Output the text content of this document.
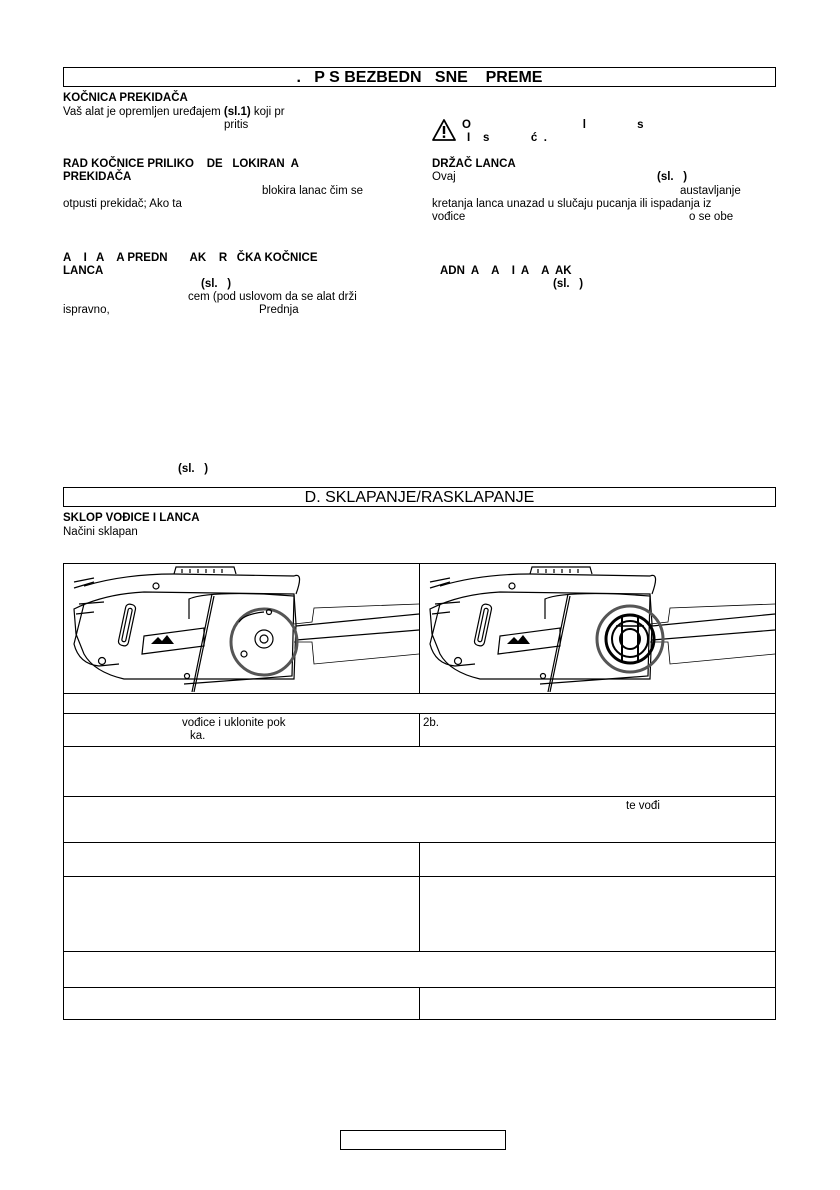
.   P S BEZBEDN   SNE    PREME
KOČNICA PREKIDAČA
Vaš alat je opremljen uređajem (sl.1) koji pr
pritis
RAD KOČNICE PRILIKO    DE   LOKIRAN  A
PREKIDAČA
blokira lanac čim se
otpusti prekidač; Ako ta
A    I   A    A PREDN       AK    R   ČKA KOČNICE
LANCA
(sl.   )
cem (pod uslovom da se alat drži
ispravno,	Prednja
(sl.   )
O                                   l                s
I    s             ć  .
DRŽAČ LANCA
Ovaj	(sl.   )
austavljanje
kretanja lanca unazad u slučaju pucanja ili ispadanja iz
vođice	o se obe
ADN  A    A    I  A    A  AK
(sl.   )
D. SKLAPANJE/RASKLAPANJE
SKLOP VOĐICE I LANCA
Načini sklapan
vođice i uklonite pok
ka.
2b.
te vođi
